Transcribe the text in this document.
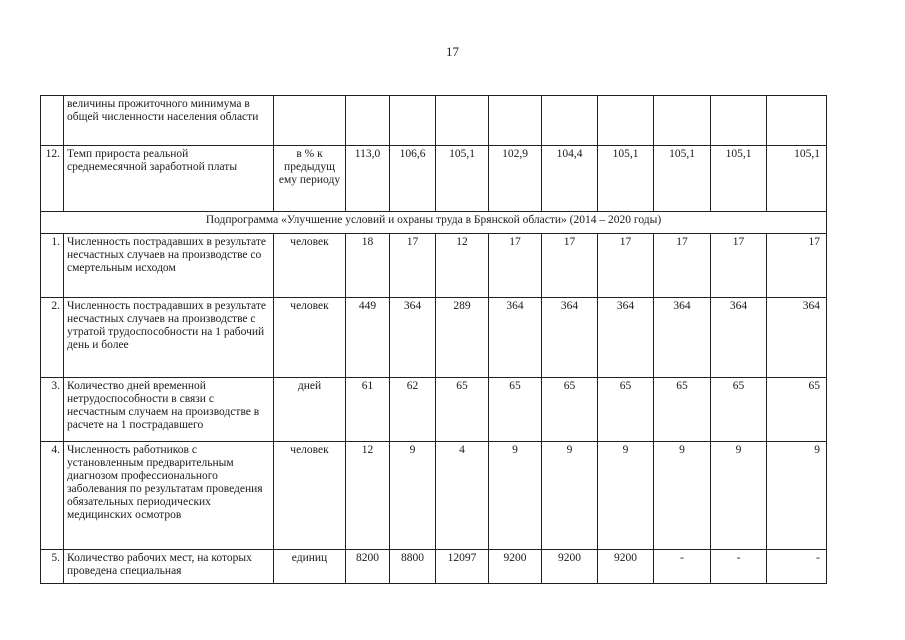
17
	величины прожиточного минимума в общей численности населения области										
12.	Темп прироста реальной среднемесячной заработной платы	в % к предыдущ ему периоду	113,0	106,6	105,1	102,9	104,4	105,1	105,1	105,1	105,1
Подпрограмма «Улучшение условий и охраны труда в Брянской области» (2014 – 2020 годы)											
1.	Численность пострадавших в результате несчастных случаев на производстве со смертельным исходом	человек	18	17	12	17	17	17	17	17	17
2.	Численность пострадавших в результате несчастных случаев на производстве с утратой трудоспособности на 1 рабочий день и более	человек	449	364	289	364	364	364	364	364	364
3.	Количество дней временной нетрудоспособности в связи с несчастным случаем на производстве в расчете на 1 пострадавшего	дней	61	62	65	65	65	65	65	65	65
4.	Численность работников с установленным предварительным диагнозом профессионального заболевания по результатам проведения обязательных периодических медицинских осмотров	человек	12	9	4	9	9	9	9	9	9
5.	Количество рабочих мест, на которых проведена специальная	единиц	8200	8800	12097	9200	9200	9200	-	-	-
